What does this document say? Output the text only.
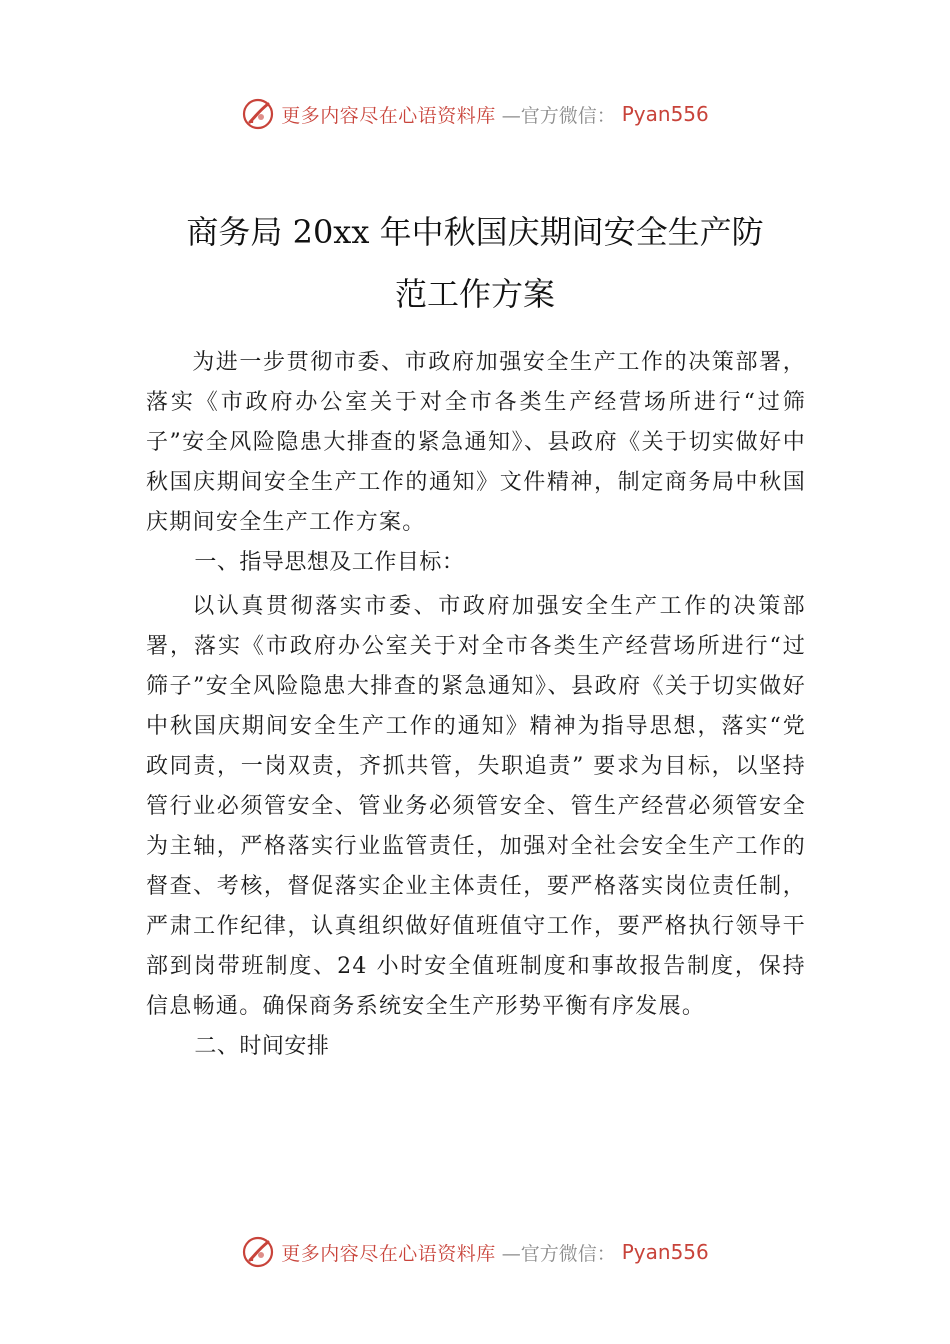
更多内容尽在心语资料库 —官方微信： Pyan556
商务局 20xx 年中秋国庆期间安全生产防
范工作方案

为进一步贯彻市委、市政府加强安全生产工作的决策部署，落实《市政府办公室关于对全市各类生产经营场所进行“过筛子”安全风险隐患大排查的紧急通知》、县政府《关于切实做好中秋国庆期间安全生产工作的通知》文件精神，制定商务局中秋国庆期间安全生产工作方案。

一、指导思想及工作目标：

以认真贯彻落实市委、市政府加强安全生产工作的决策部署，落实《市政府办公室关于对全市各类生产经营场所进行“过筛子”安全风险隐患大排查的紧急通知》、县政府《关于切实做好中秋国庆期间安全生产工作的通知》精神为指导思想，落实“党政同责，一岗双责，齐抓共管，失职追责” 要求为目标，以坚持管行业必须管安全、管业务必须管安全、管生产经营必须管安全为主轴，严格落实行业监管责任，加强对全社会安全生产工作的督查、考核，督促落实企业主体责任，要严格落实岗位责任制，严肃工作纪律，认真组织做好值班值守工作，要严格执行领导干部到岗带班制度、24 小时安全值班制度和事故报告制度，保持信息畅通。确保商务系统安全生产形势平衡有序发展。

二、时间安排
更多内容尽在心语资料库 —官方微信： Pyan556
